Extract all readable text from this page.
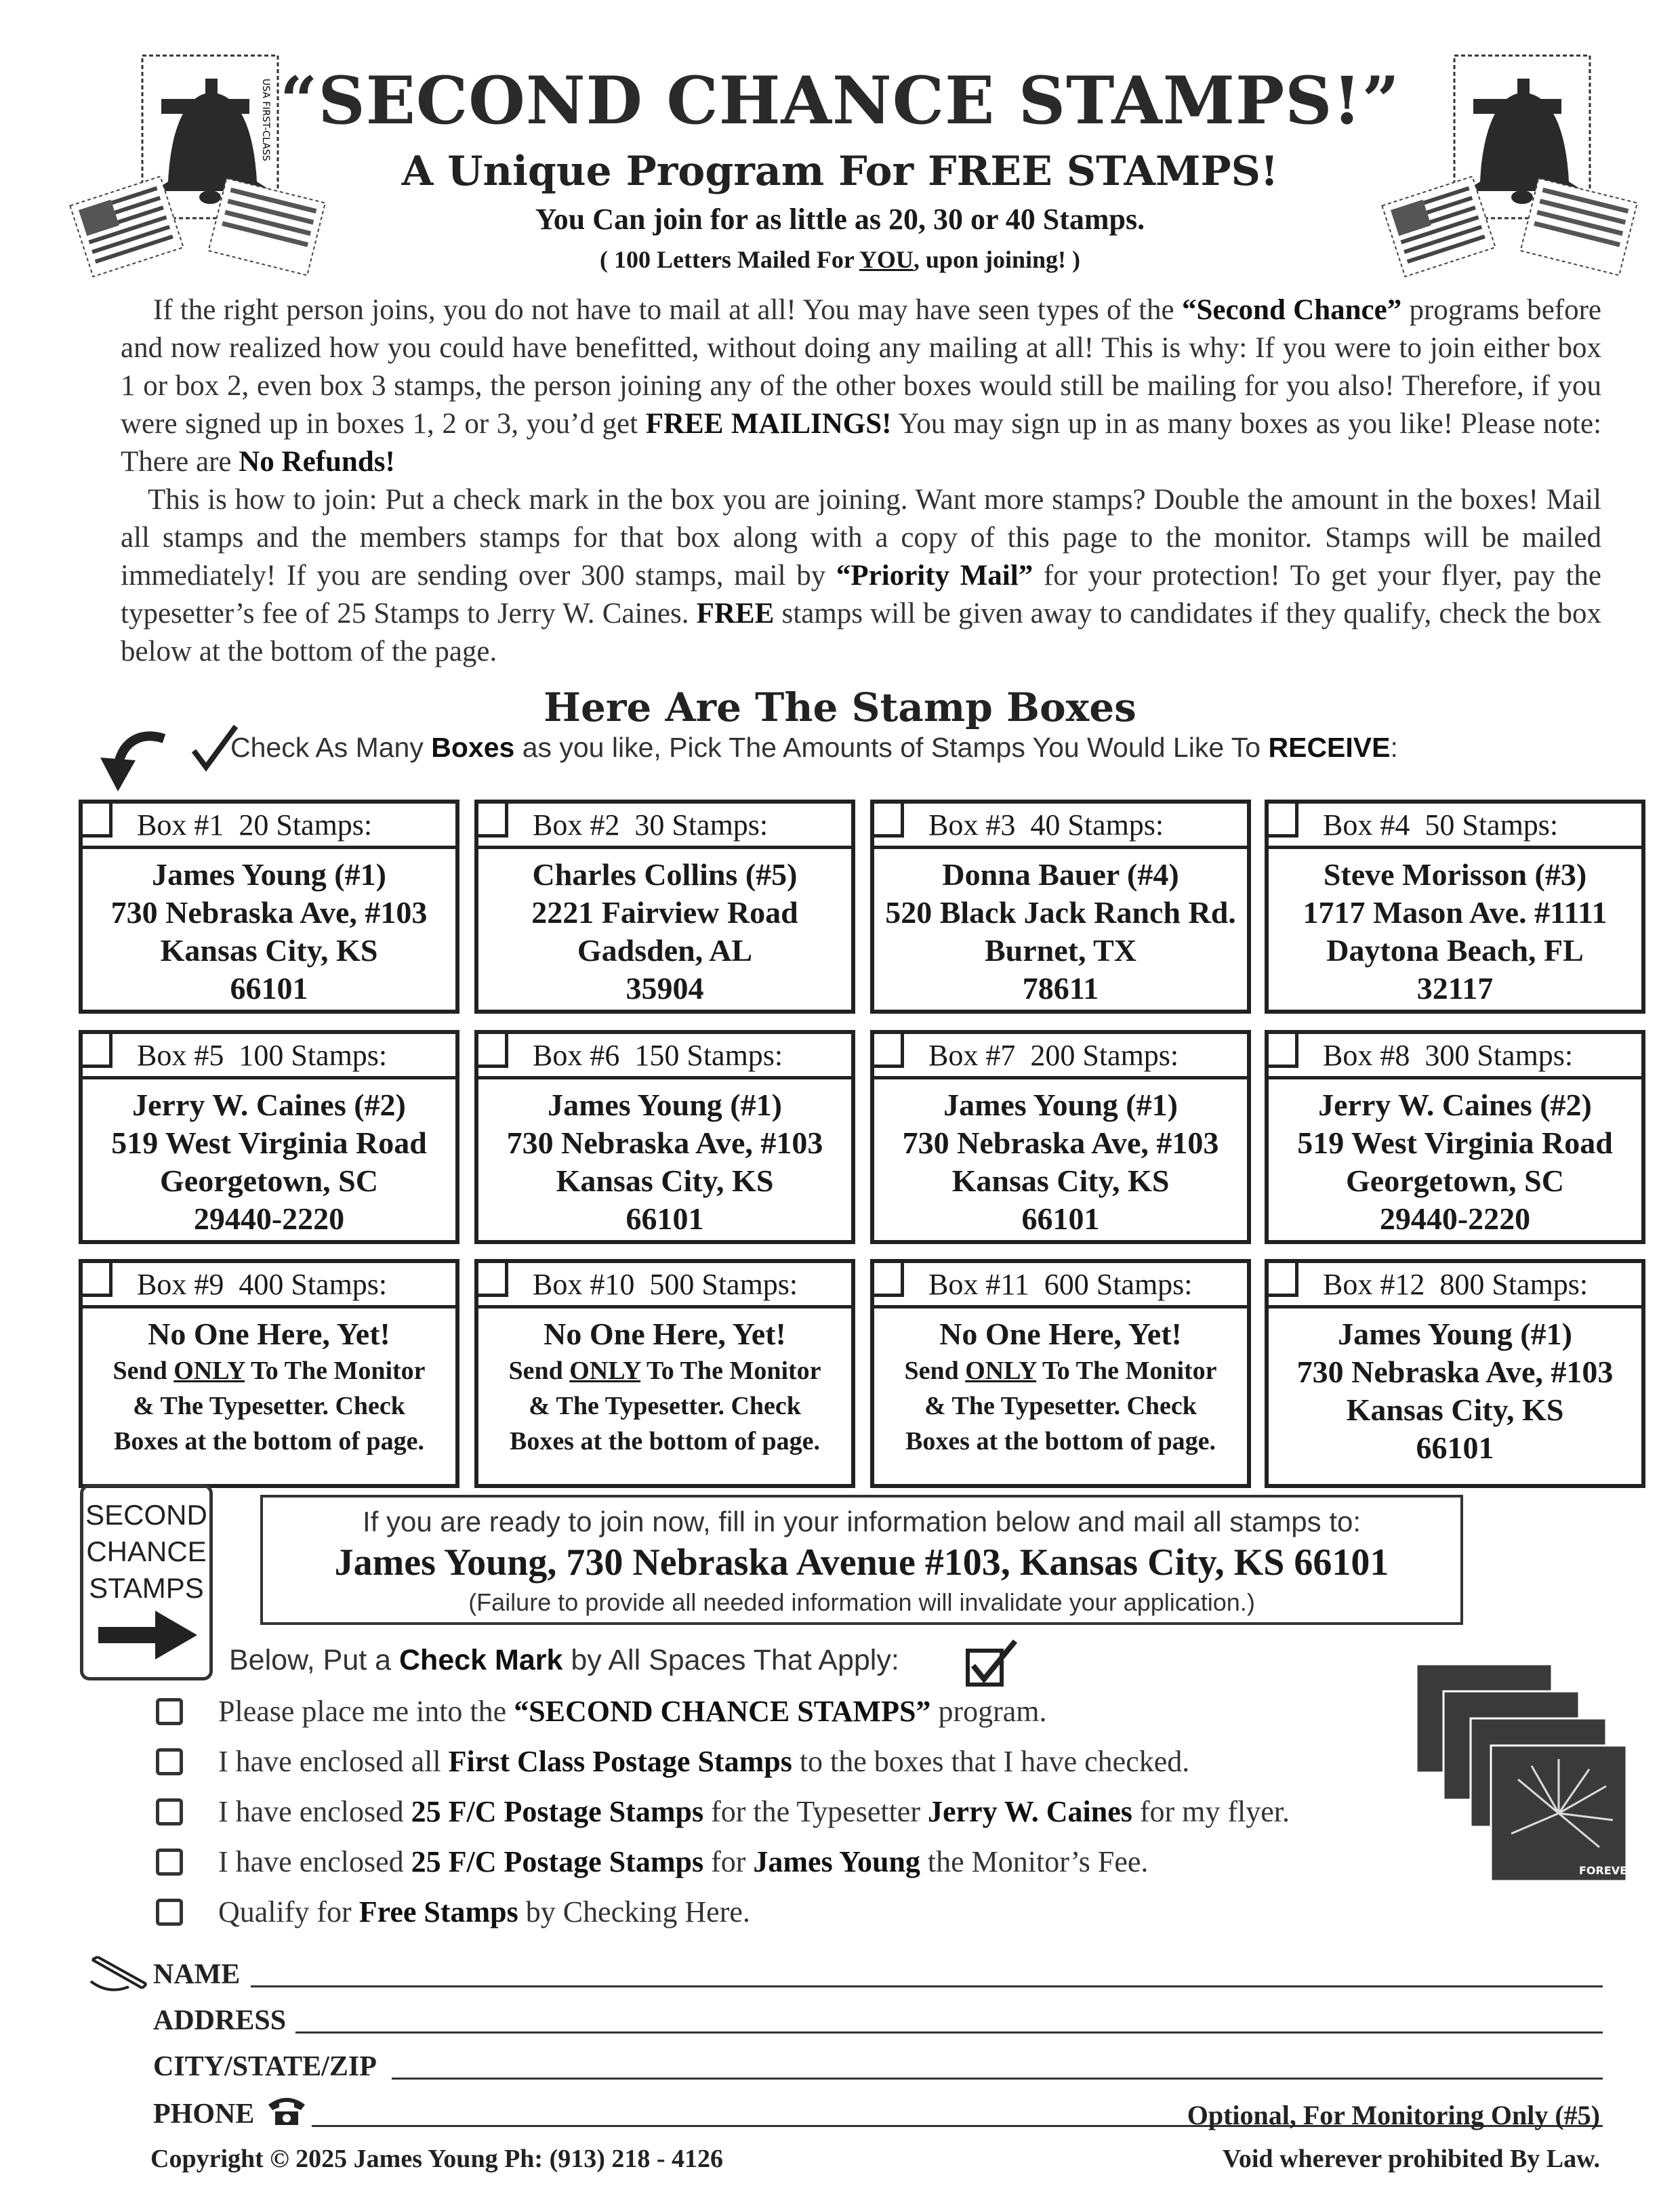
USA FIRST-CLASS “SECOND CHANCE STAMPS!”
A Unique Program For FREE STAMPS!
You Can join for as little as 20, 30 or 40 Stamps.
( 100 Letters Mailed For YOU, upon joining! )
If the right person joins, you do not have to mail at all! You may have seen types of the “Second Chance” programs before and now realized how you could have benefitted, without doing any mailing at all! This is why: If you were to join either box 1 or box 2, even box 3 stamps, the person joining any of the other boxes would still be mailing for you also! Therefore, if you were signed up in boxes 1, 2 or 3, you’d get FREE MAILINGS! You may sign up in as many boxes as you like! Please note: There are No Refunds!
This is how to join: Put a check mark in the box you are joining. Want more stamps? Double the amount in the boxes! Mail all stamps and the members stamps for that box along with a copy of this page to the monitor. Stamps will be mailed immediately! If you are sending over 300 stamps, mail by “Priority Mail” for your protection! To get your flyer, pay the typesetter’s fee of 25 Stamps to Jerry W. Caines. FREE stamps will be given away to candidates if they qualify, check the box below at the bottom of the page.
Here Are The Stamp Boxes
Check As Many Boxes as you like, Pick The Amounts of Stamps You Would Like To RECEIVE:
Box #1 20 Stamps:
James Young (#1)
730 Nebraska Ave, #103
Kansas City, KS
66101
Box #2 30 Stamps:
Charles Collins (#5)
2221 Fairview Road
Gadsden, AL
35904
Box #3 40 Stamps:
Donna Bauer (#4)
520 Black Jack Ranch Rd.
Burnet, TX
78611
Box #4 50 Stamps:
Steve Morisson (#3)
1717 Mason Ave. #1111
Daytona Beach, FL
32117
Box #5 100 Stamps:
Jerry W. Caines (#2)
519 West Virginia Road
Georgetown, SC
29440-2220
Box #6 150 Stamps:
James Young (#1)
730 Nebraska Ave, #103
Kansas City, KS
66101
Box #7 200 Stamps:
James Young (#1)
730 Nebraska Ave, #103
Kansas City, KS
66101
Box #8 300 Stamps:
Jerry W. Caines (#2)
519 West Virginia Road
Georgetown, SC
29440-2220
Box #9 400 Stamps:
No One Here, Yet!
Send ONLY To The Monitor
& The Typesetter. Check
Boxes at the bottom of page.
Box #10 500 Stamps:
No One Here, Yet!
Send ONLY To The Monitor
& The Typesetter. Check
Boxes at the bottom of page.
Box #11 600 Stamps:
No One Here, Yet!
Send ONLY To The Monitor
& The Typesetter. Check
Boxes at the bottom of page.
Box #12 800 Stamps:
James Young (#1)
730 Nebraska Ave, #103
Kansas City, KS
66101
SECOND
CHANCE
STAMPS
If you are ready to join now, fill in your information below and mail all stamps to:
James Young, 730 Nebraska Avenue #103, Kansas City, KS 66101
(Failure to provide all needed information will invalidate your application.)
Below, Put a Check Mark by All Spaces That Apply:
Please place me into the “SECOND CHANCE STAMPS” program.
I have enclosed all First Class Postage Stamps to the boxes that I have checked.
I have enclosed 25 F/C Postage Stamps for the Typesetter Jerry W. Caines for my flyer.
I have enclosed 25 F/C Postage Stamps for James Young the Monitor’s Fee.
Qualify for Free Stamps by Checking Here.
FOREVER
NAME
ADDRESS
CITY/STATE/ZIP
PHONE	Optional, For Monitoring Only (#5)
Copyright © 2025 James Young Ph: (913) 218 - 4126	Void wherever prohibited By Law.
